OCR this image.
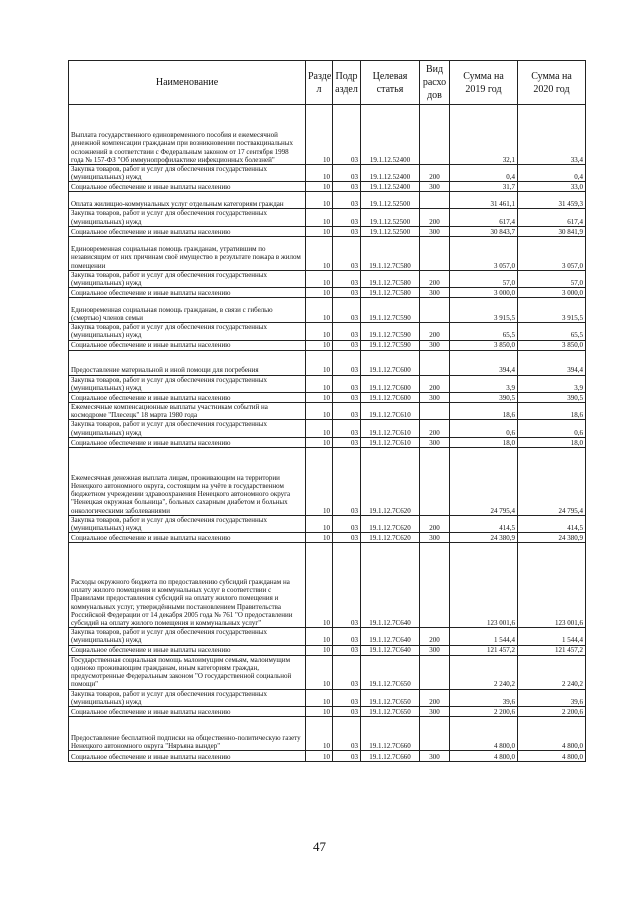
Наименование	Разде л	Подр аздел	Целевая статья	Вид расхо дов	Сумма на 2019 год	Сумма на 2020 год
Выплата государственного единовременного пособия и ежемесячной денежной компенсации гражданам при возникновении поствакцинальных осложнений в соответствии с Федеральным законом от 17 сентября 1998 года № 157-ФЗ "Об иммунопрофилактике инфекционных болезней"	10	03	19.1.12.52400		32,1	33,4
Закупка товаров, работ и услуг для обеспечения государственных (муниципальных) нужд	10	03	19.1.12.52400	200	0,4	0,4
Социальное обеспечение и иные выплаты населению	10	03	19.1.12.52400	300	31,7	33,0
Оплата жилищно-коммунальных услуг отдельным категориям граждан	10	03	19.1.12.52500		31 461,1	31 459,3
Закупка товаров, работ и услуг для обеспечения государственных (муниципальных) нужд	10	03	19.1.12.52500	200	617,4	617,4
Социальное обеспечение и иные выплаты населению	10	03	19.1.12.52500	300	30 843,7	30 841,9
Единовременная социальная помощь гражданам, утратившим по независящим от них причинам своё имущество в результате пожара в жилом помещении	10	03	19.1.12.7С580		3 057,0	3 057,0
Закупка товаров, работ и услуг для обеспечения государственных (муниципальных) нужд	10	03	19.1.12.7С580	200	57,0	57,0
Социальное обеспечение и иные выплаты населению	10	03	19.1.12.7С580	300	3 000,0	3 000,0
Единовременная социальная помощь гражданам, в связи с гибелью (смертью) членов семьи	10	03	19.1.12.7С590		3 915,5	3 915,5
Закупка товаров, работ и услуг для обеспечения государственных (муниципальных) нужд	10	03	19.1.12.7С590	200	65,5	65,5
Социальное обеспечение и иные выплаты населению	10	03	19.1.12.7С590	300	3 850,0	3 850,0
Предоставление материальной и иной помощи для погребения	10	03	19.1.12.7С600		394,4	394,4
Закупка товаров, работ и услуг для обеспечения государственных (муниципальных) нужд	10	03	19.1.12.7С600	200	3,9	3,9
Социальное обеспечение и иные выплаты населению	10	03	19.1.12.7С600	300	390,5	390,5
Ежемесячные компенсационные выплаты участникам событий на космодроме "Плесецк" 18 марта 1980 года	10	03	19.1.12.7С610		18,6	18,6
Закупка товаров, работ и услуг для обеспечения государственных (муниципальных) нужд	10	03	19.1.12.7С610	200	0,6	0,6
Социальное обеспечение и иные выплаты населению	10	03	19.1.12.7С610	300	18,0	18,0
Ежемесячная денежная выплата лицам, проживающим на территории Ненецкого автономного округа, состоящим на учёте в государственном бюджетном учреждении здравоохранения Ненецкого автономного округа "Ненецкая окружная больница", больных сахарным диабетом и больных онкологическими заболеваниями	10	03	19.1.12.7С620		24 795,4	24 795,4
Закупка товаров, работ и услуг для обеспечения государственных (муниципальных) нужд	10	03	19.1.12.7С620	200	414,5	414,5
Социальное обеспечение и иные выплаты населению	10	03	19.1.12.7С620	300	24 380,9	24 380,9
Расходы окружного бюджета по предоставлению субсидий гражданам на оплату жилого помещения и коммунальных услуг в соответствии с Правилами предоставления субсидий на оплату жилого помещения и коммунальных услуг, утверждёнными постановлением Правительства Российской Федерации от 14 декабря 2005 года № 761 "О предоставлении субсидий на оплату жилого помещения и коммунальных услуг"	10	03	19.1.12.7С640		123 001,6	123 001,6
Закупка товаров, работ и услуг для обеспечения государственных (муниципальных) нужд	10	03	19.1.12.7С640	200	1 544,4	1 544,4
Социальное обеспечение и иные выплаты населению	10	03	19.1.12.7С640	300	121 457,2	121 457,2
Государственная социальная помощь малоимущим семьям, малоимущим одиноко проживающим гражданам, иным категориям граждан, предусмотренные Федеральным законом "О государственной социальной помощи"	10	03	19.1.12.7С650		2 240,2	2 240,2
Закупка товаров, работ и услуг для обеспечения государственных (муниципальных) нужд	10	03	19.1.12.7С650	200	39,6	39,6
Социальное обеспечение и иные выплаты населению	10	03	19.1.12.7С650	300	2 200,6	2 200,6
Предоставление бесплатной подписки на общественно-политическую газету Ненецкого автономного округа "Няръяна вындер"	10	03	19.1.12.7С660		4 800,0	4 800,0
Социальное обеспечение и иные выплаты населению	10	03	19.1.12.7С660	300	4 800,0	4 800,0
47
